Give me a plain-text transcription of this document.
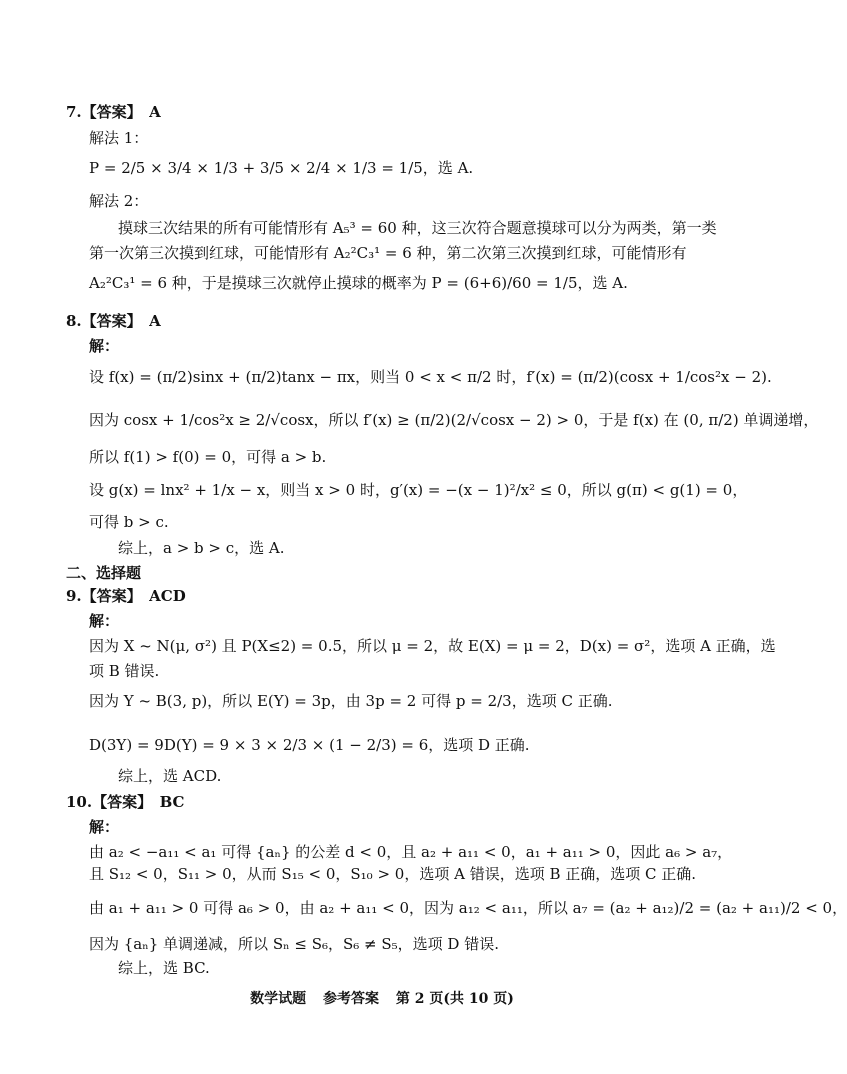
7.【答案】　A
解法 1：
P = 2/5 × 3/4 × 1/3 + 3/5 × 2/4 × 1/3 = 1/5，选 A.
解法 2：
摸球三次结果的所有可能情形有 A₅³ = 60 种，这三次符合题意摸球可以分为两类，第一类
第一次第三次摸到红球，可能情形有 A₂²C₃¹ = 6 种，第二次第三次摸到红球，可能情形有
A₂²C₃¹ = 6 种，于是摸球三次就停止摸球的概率为 P = (6+6)/60 = 1/5，选 A.
8.【答案】　A
解：
设 f(x) = (π/2)sinx + (π/2)tanx − πx，则当 0 < x < π/2 时，f′(x) = (π/2)(cosx + 1/cos²x − 2).
因为 cosx + 1/cos²x ≥ 2/√cosx，所以 f′(x) ≥ (π/2)(2/√cosx − 2) > 0，于是 f(x) 在 (0, π/2) 单调递增，
所以 f(1) > f(0) = 0，可得 a > b.
设 g(x) = lnx² + 1/x − x，则当 x > 0 时，g′(x) = −(x − 1)²/x² ≤ 0，所以 g(π) < g(1) = 0，
可得 b > c.
综上，a > b > c，选 A.
二、选择题
9.【答案】　ACD
解：
因为 X ~ N(μ, σ²) 且 P(X≤2) = 0.5，所以 μ = 2，故 E(X) = μ = 2，D(x) = σ²，选项 A 正确，选
项 B 错误.
因为 Y ~ B(3, p)，所以 E(Y) = 3p，由 3p = 2 可得 p = 2/3，选项 C 正确.
D(3Y) = 9D(Y) = 9 × 3 × 2/3 × (1 − 2/3) = 6，选项 D 正确.
综上，选 ACD.
10.【答案】　BC
解：
由 a₂ < −a₁₁ < a₁ 可得 {aₙ} 的公差 d < 0，且 a₂ + a₁₁ < 0，a₁ + a₁₁ > 0，因此 a₆ > a₇，
且 S₁₂ < 0，S₁₁ > 0，从而 S₁₅ < 0，S₁₀ > 0，选项 A 错误，选项 B 正确，选项 C 正确.
由 a₁ + a₁₁ > 0 可得 a₆ > 0，由 a₂ + a₁₁ < 0，因为 a₁₂ < a₁₁，所以 a₇ = (a₂ + a₁₂)/2 = (a₂ + a₁₁)/2 < 0，
因为 {aₙ} 单调递减，所以 Sₙ ≤ S₆，S₆ ≠ S₅，选项 D 错误.
综上，选 BC.
数学试题 参考答案 第 2 页(共 10 页)
